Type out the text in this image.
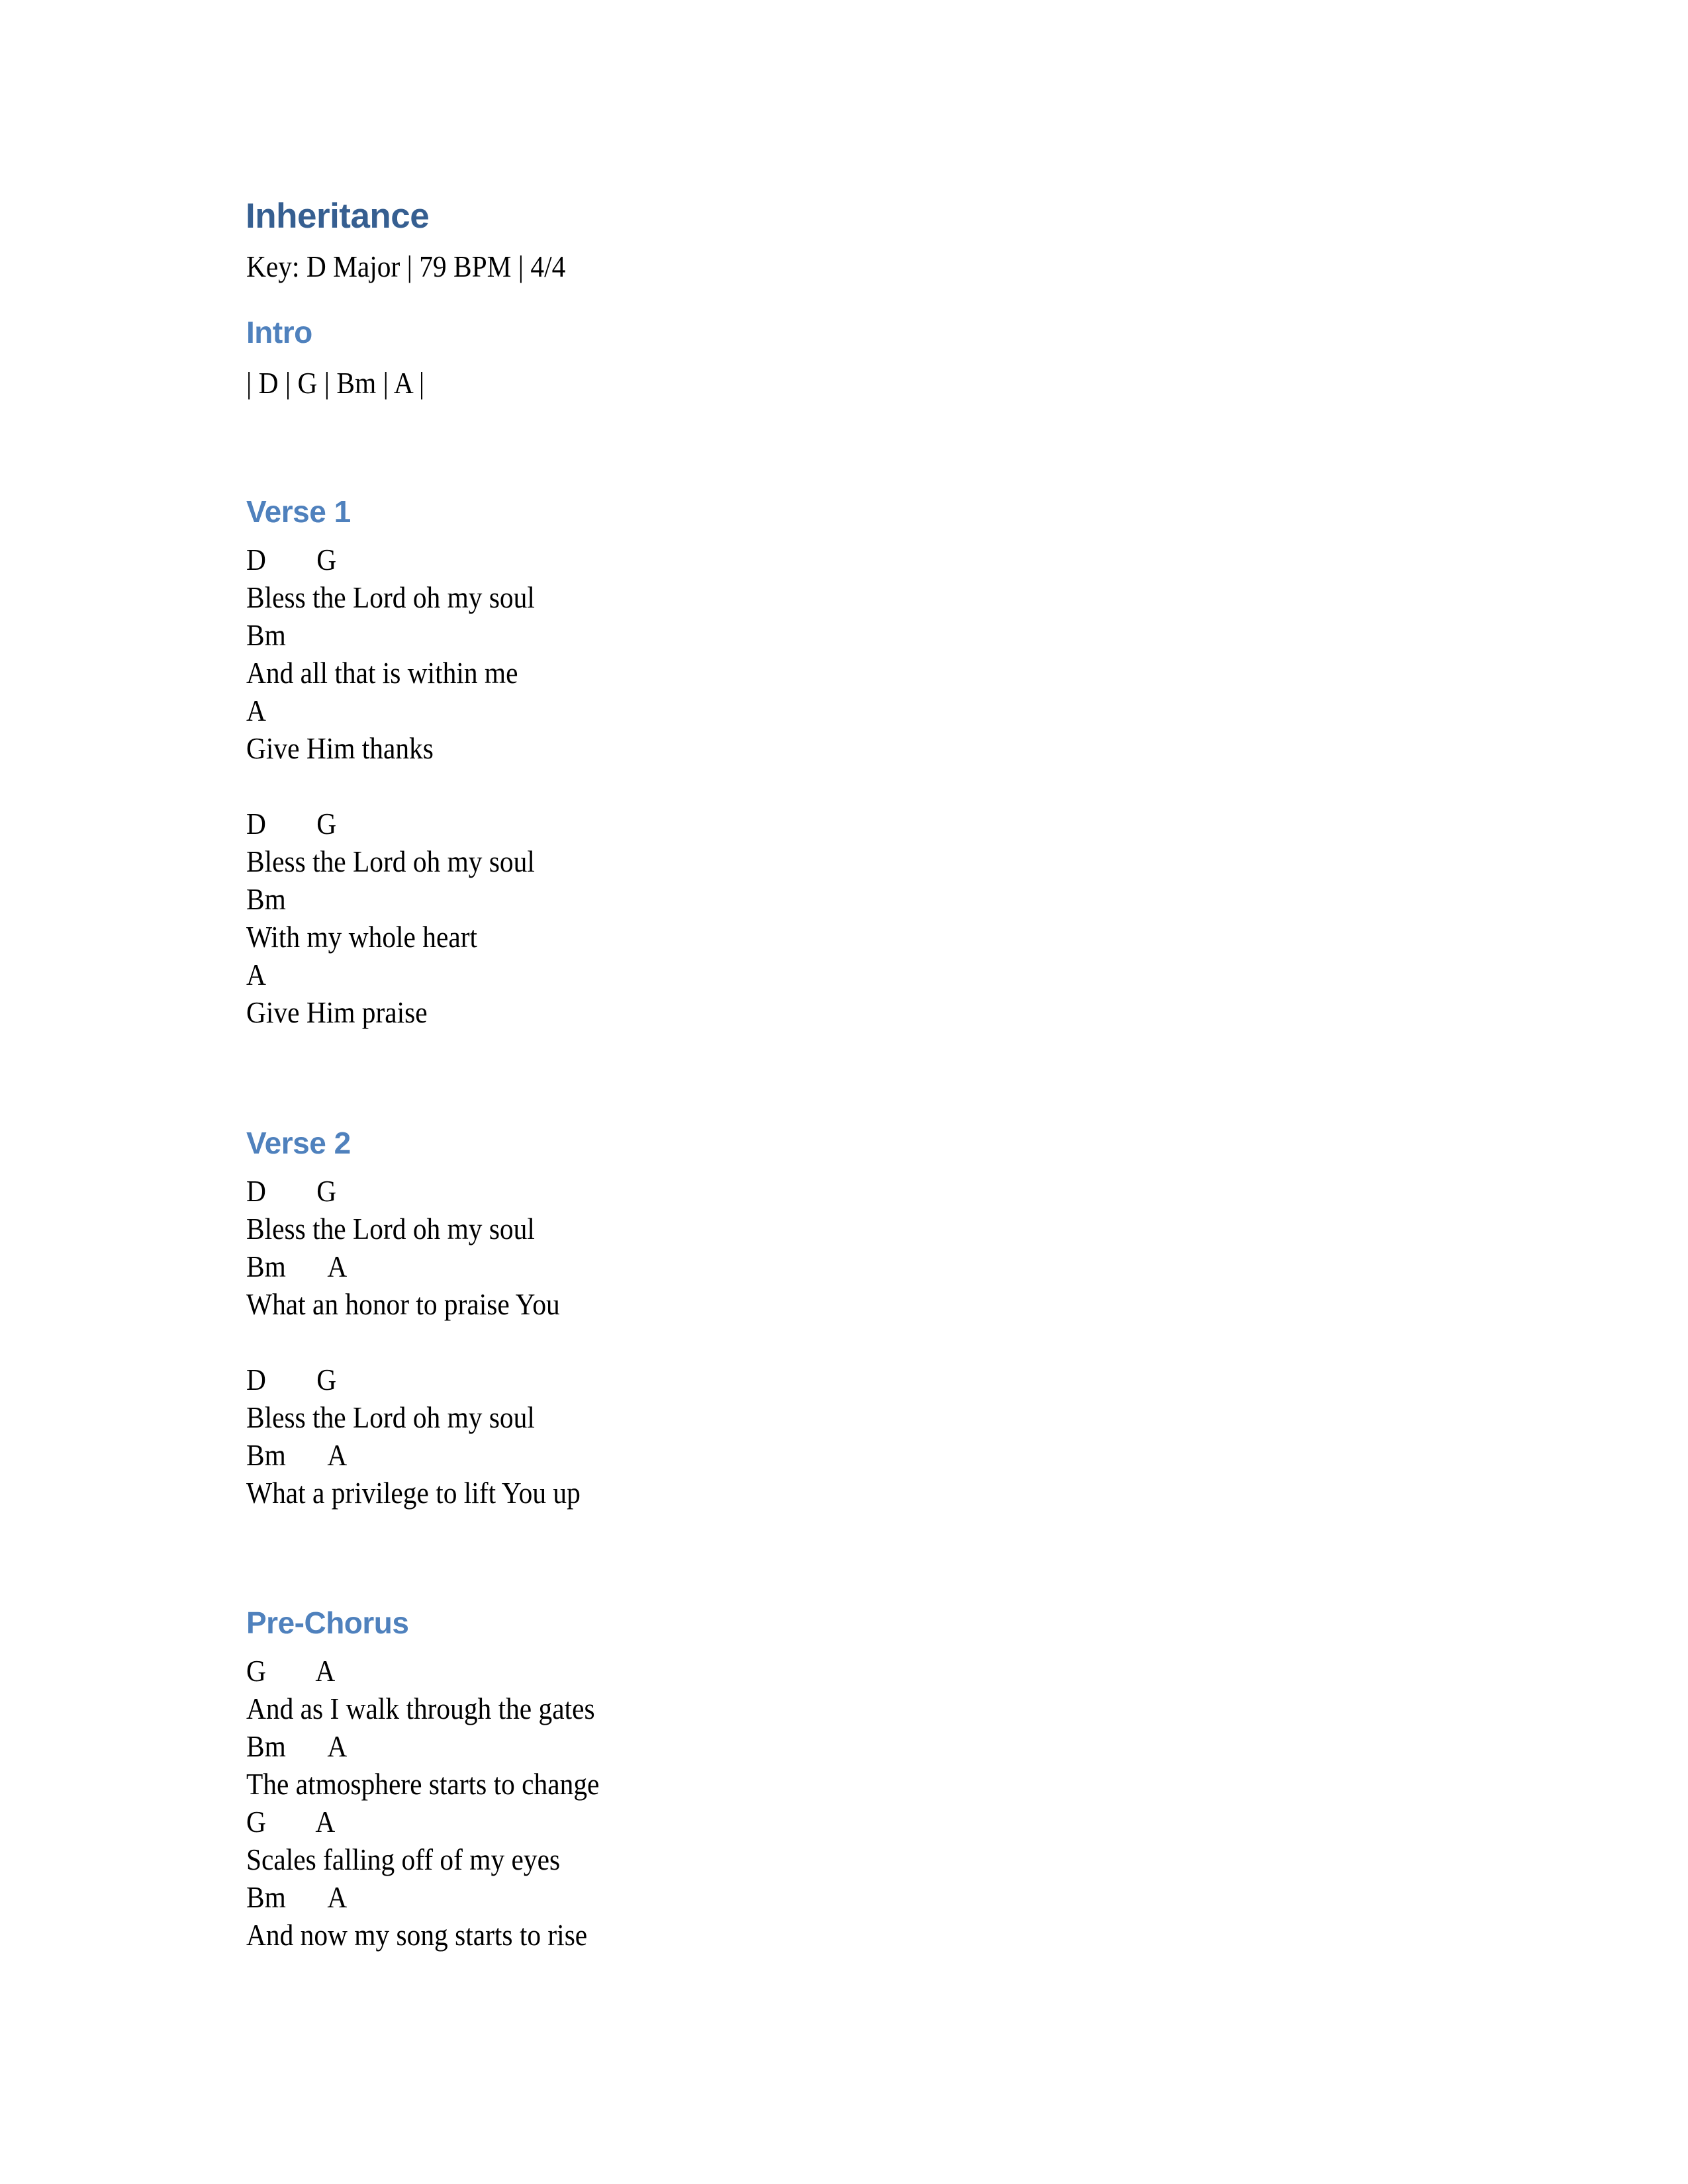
Inheritance

Key: D Major | 79 BPM | 4/4

Intro
| D | G | Bm | A |
Verse 1

D

G

Bless the Lord oh my soul

Bm

And all that is within me

A

Give Him thanks

D

G

Bless the Lord oh my soul

Bm

With my whole heart

A

Give Him praise
Verse 2

D

G

Bless the Lord oh my soul

Bm

A

What an honor to praise You

D

G

Bless the Lord oh my soul

Bm

A

What a privilege to lift You up
Pre-Chorus

G

A

And as I walk through the gates

Bm

A

The atmosphere starts to change

G

A

Scales falling off of my eyes

Bm

A

And now my song starts to rise
